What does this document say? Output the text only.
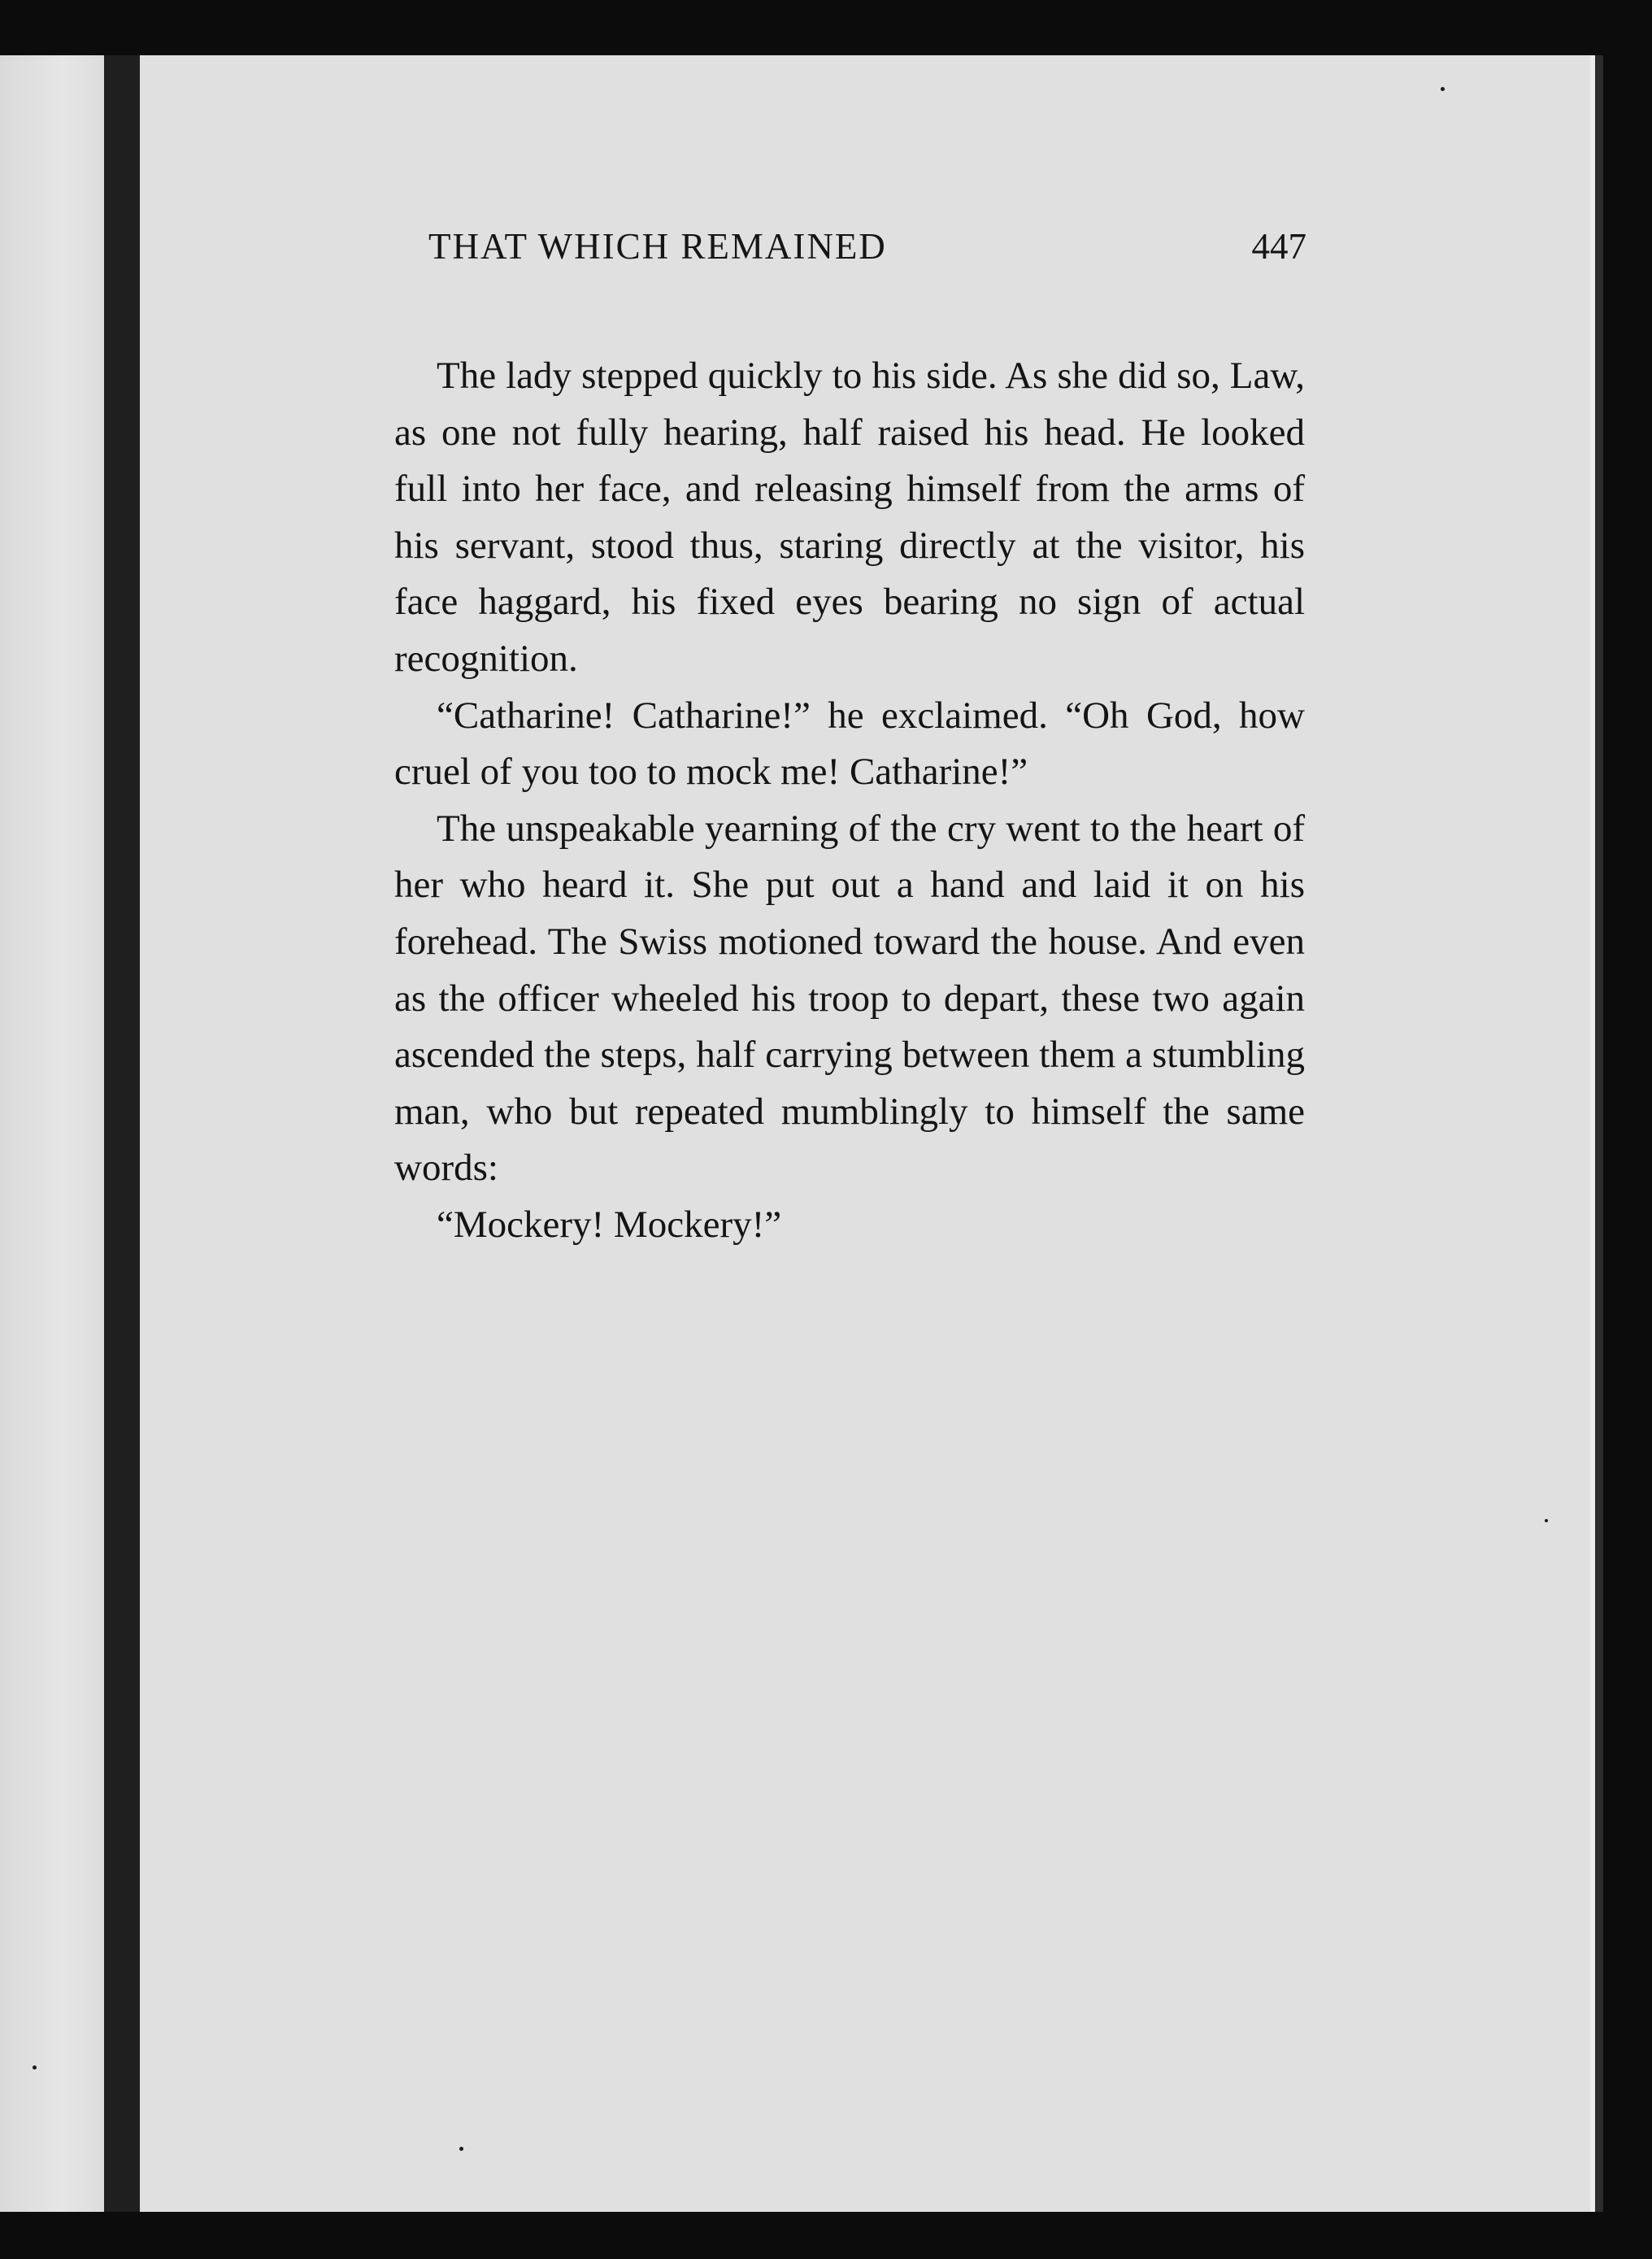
THAT WHICH REMAINED	447

The lady stepped quickly to his side. As she did so, Law, as one not fully hearing, half raised his head. He looked full into her face, and releasing himself from the arms of his servant, stood thus, staring directly at the visitor, his face haggard, his fixed eyes bearing no sign of actual recognition.

“Catharine! Catharine!” he exclaimed. “Oh God, how cruel of you too to mock me! Catharine!”

The unspeakable yearning of the cry went to the heart of her who heard it. She put out a hand and laid it on his forehead. The Swiss motioned toward the house. And even as the officer wheeled his troop to depart, these two again ascended the steps, half carrying between them a stumbling man, who but repeated mumblingly to himself the same words:

“Mockery! Mockery!”
